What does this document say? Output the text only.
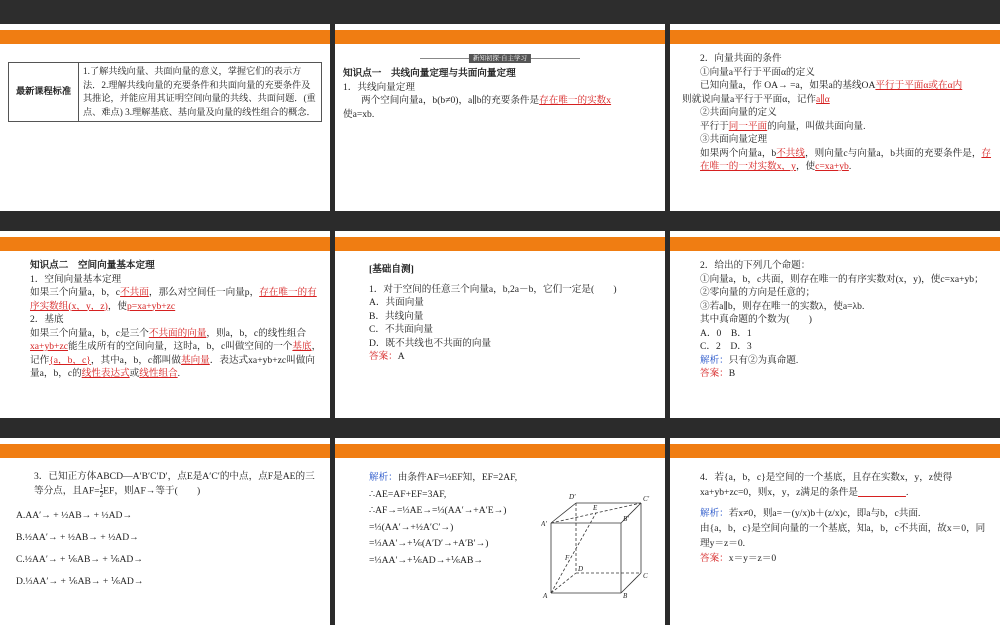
最新课程标准	1.了解共线向量、共面向量的意义，掌握它们的表示方法．2.理解共线向量的充要条件和共面向量的充要条件及其推论，并能应用其证明空间向量的共线、共面问题．(重点、难点) 3.理解基底、基向量及向量的线性组合的概念．
新知初探·自主学习
知识点一　共线向量定理与共面向量定理
1．共线向量定理
两个空间向量a，b(b≠0)，a∥b的充要条件是存在唯一的实数x
使a=xb.
2．向量共面的条件
①向量a平行于平面α的定义
已知向量a，作 OA→ =a，如果a的基线OA平行于平面α或在α内
则就说向量a平行于平面α，记作a∥α
②共面向量的定义
平行于同一平面的向量，叫做共面向量.
③共面向量定理
如果两个向量a，b不共线，则向量c与向量a，b共面的充要条件是，存在唯一的一对实数x，y，使c=xa+yb.
知识点二　空间向量基本定理
1．空间向量基本定理
如果三个向量a，b，c不共面，那么对空间任一向量p，存在唯一的有序实数组(x，y，z)，使p=xa+yb+zc
2．基底
如果三个向量a，b，c是三个不共面的向量，则a，b，c的线性组合xa+yb+zc能生成所有的空间向量，这时a，b，c叫做空间的一个基底，记作{a，b，c}，其中a，b，c都叫做基向量．表达式xa+yb+zc叫做向量a，b，c的线性表达式或线性组合.
[基础自测]
1．对于空间的任意三个向量a，b,2a－b，它们一定是(　　)
A．共面向量
B．共线向量
C．不共面向量
D．既不共线也不共面的向量
答案：A
2．给出的下列几个命题：
①向量a，b，c共面，则存在唯一的有序实数对(x，y)，使c=xa+yb；
②零向量的方向是任意的；
③若a∥b，则存在唯一的实数λ，使a=λb.
其中真命题的个数为(　　)
A．0　B．1
C．2　D．3
解析：只有②为真命题.
答案：B
3．已知正方体ABCD—A′B′C′D′，点E是A′C′的中点，点F是AE的三等分点，且$AF= \frac{1}{2}$ EF，则AF→等于(　　)
A.AA′→ + ½AB→ + ½AD→
B.½AA′→ + ½AB→ + ½AD→
C.½AA′→ + ⅙AB→ + ⅙AD→
D.⅓AA′→ + ⅙AB→ + ⅙AD→
解析：由条件AF=½EF知，EF=2AF,
∴AE=AF+EF=3AF,
∴AF→=⅓AE→=⅓(AA′→+A′E→)
=⅓(AA′→+½A′C′→)
=⅓AA′→+⅙(A′D′→+A′B′→)
=⅓AA′→+⅙AD→+⅙AB→
D′
E
C′
A′
B′
F
D
C
A	B
4．若{a，b，c}是空间的一个基底，且存在实数x，y，z使得xa+yb+zc=0，则x，y，z满足的条件是　　　　　	.
解析：若x≠0，则a=－(y/x)b＋(z/x)c，即a与b，c共面.
由{a，b，c}是空间向量的一个基底，知a，b，c不共面，故x＝0，同理y＝z＝0.
答案：x＝y＝z＝0
